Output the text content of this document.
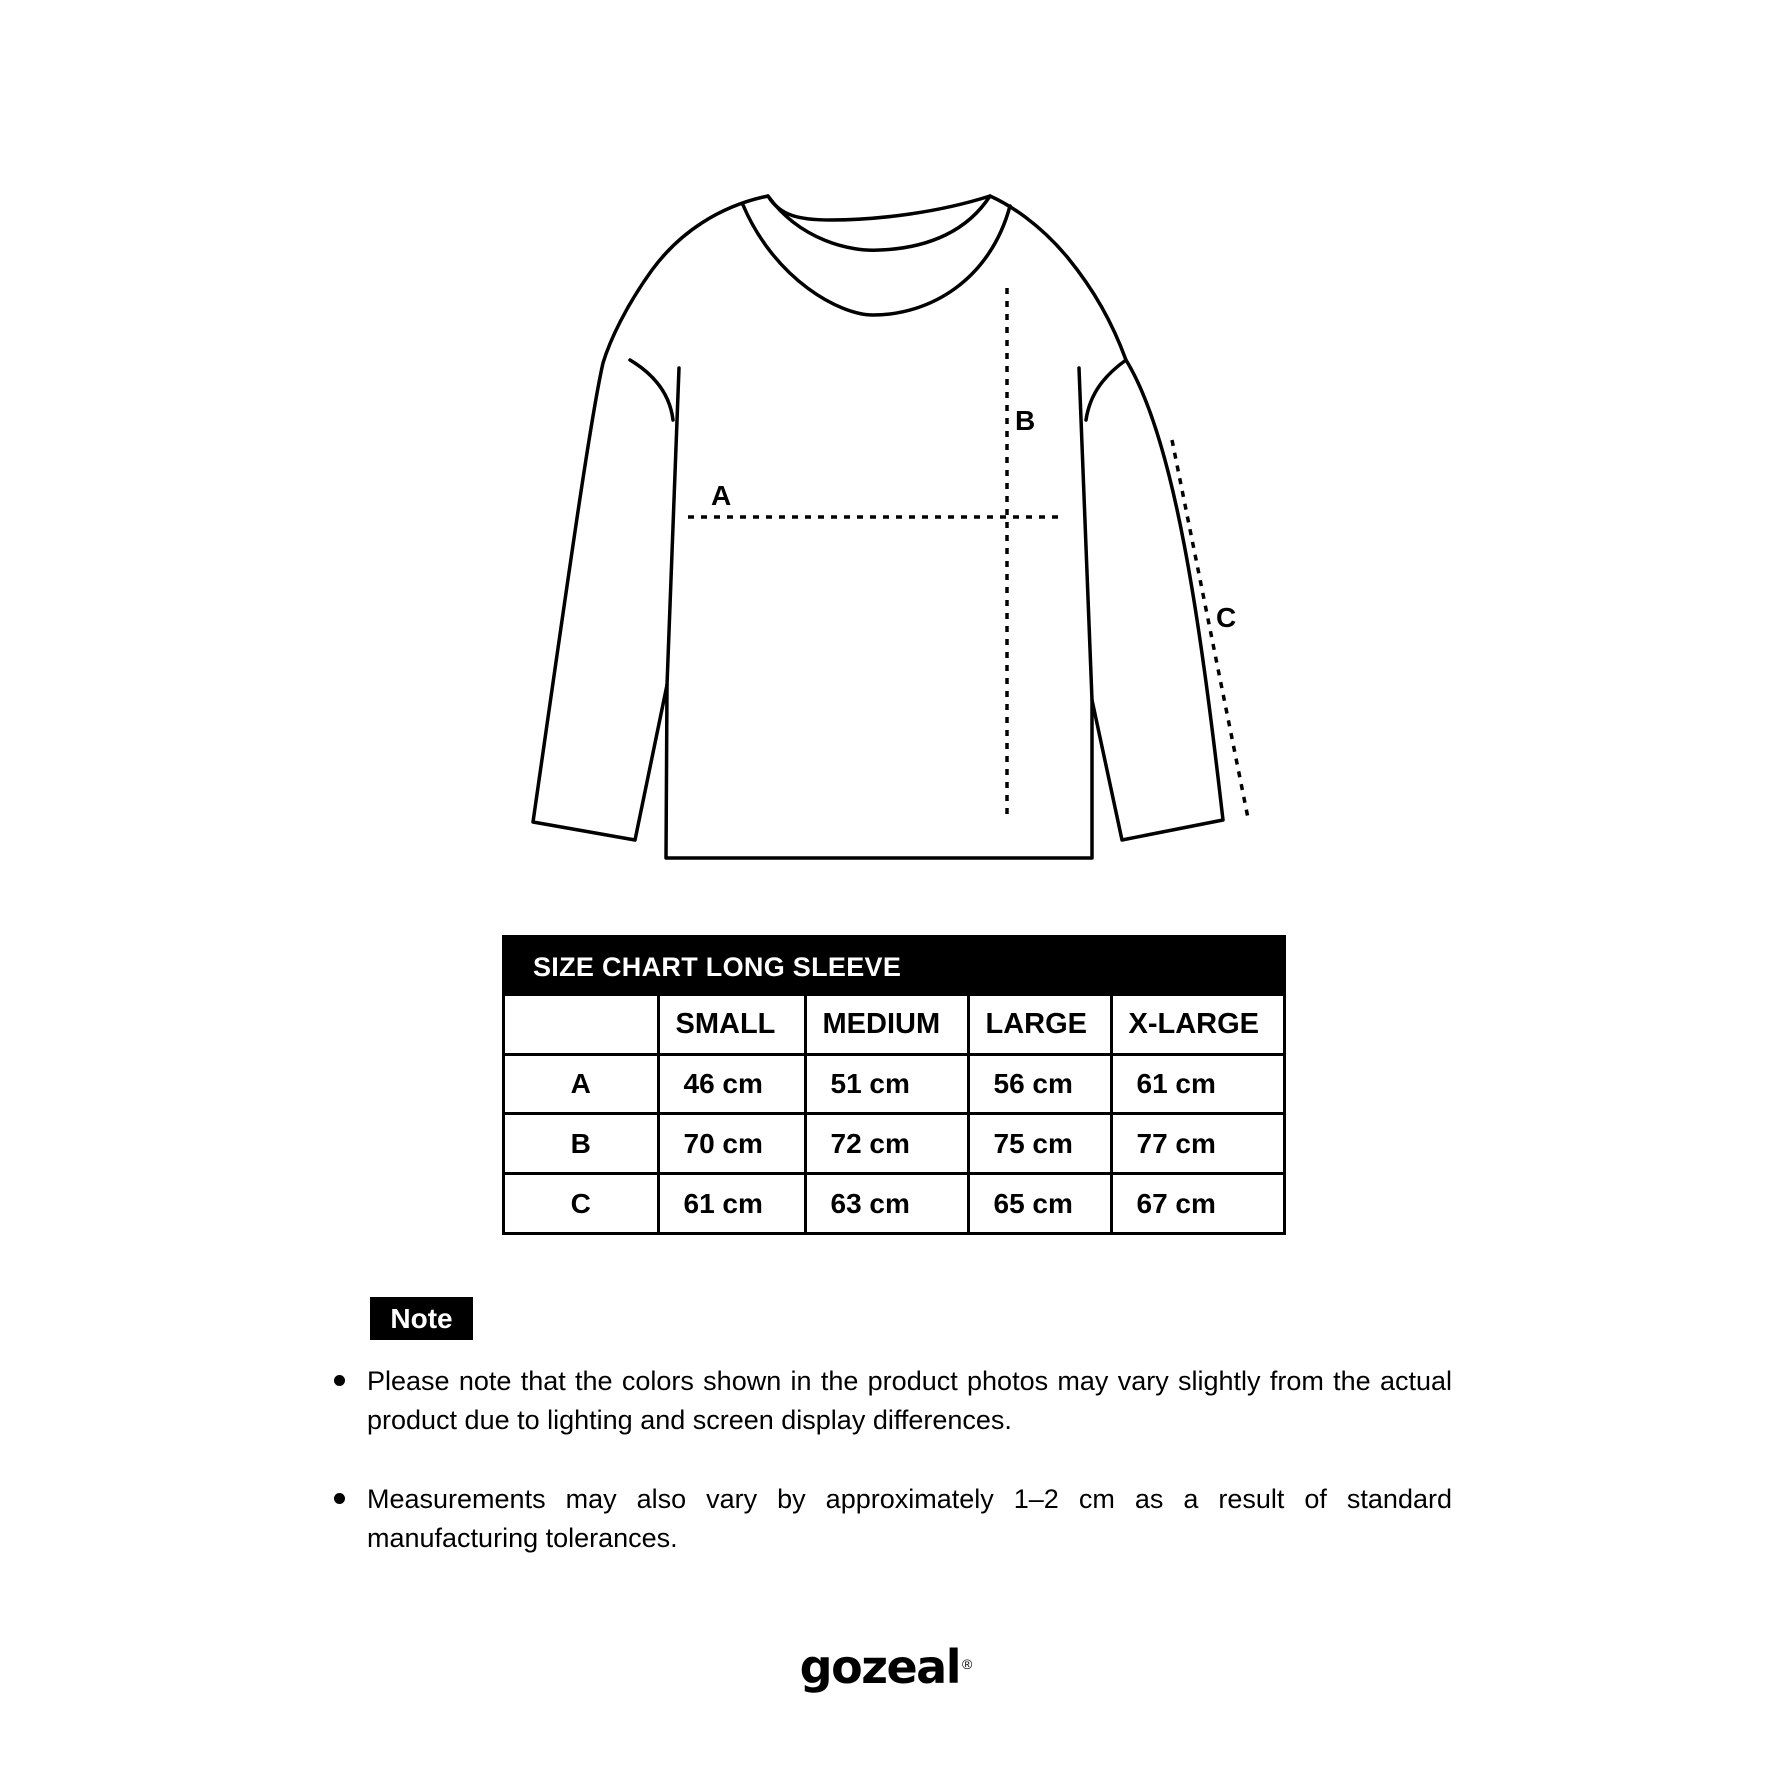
A
B
C
SIZE CHART LONG SLEEVE
	SMALL	MEDIUM	LARGE	X-LARGE
A	46 cm	51 cm	56 cm	61 cm
B	70 cm	72 cm	75 cm	77 cm
C	61 cm	63 cm	65 cm	67 cm
Note
Please note that the colors shown in the product photos may vary slightly from the actual product due to lighting and screen display differences.
Measurements may also vary by approximately 1–2 cm as a result of standard manufacturing tolerances.
gozeal ®
